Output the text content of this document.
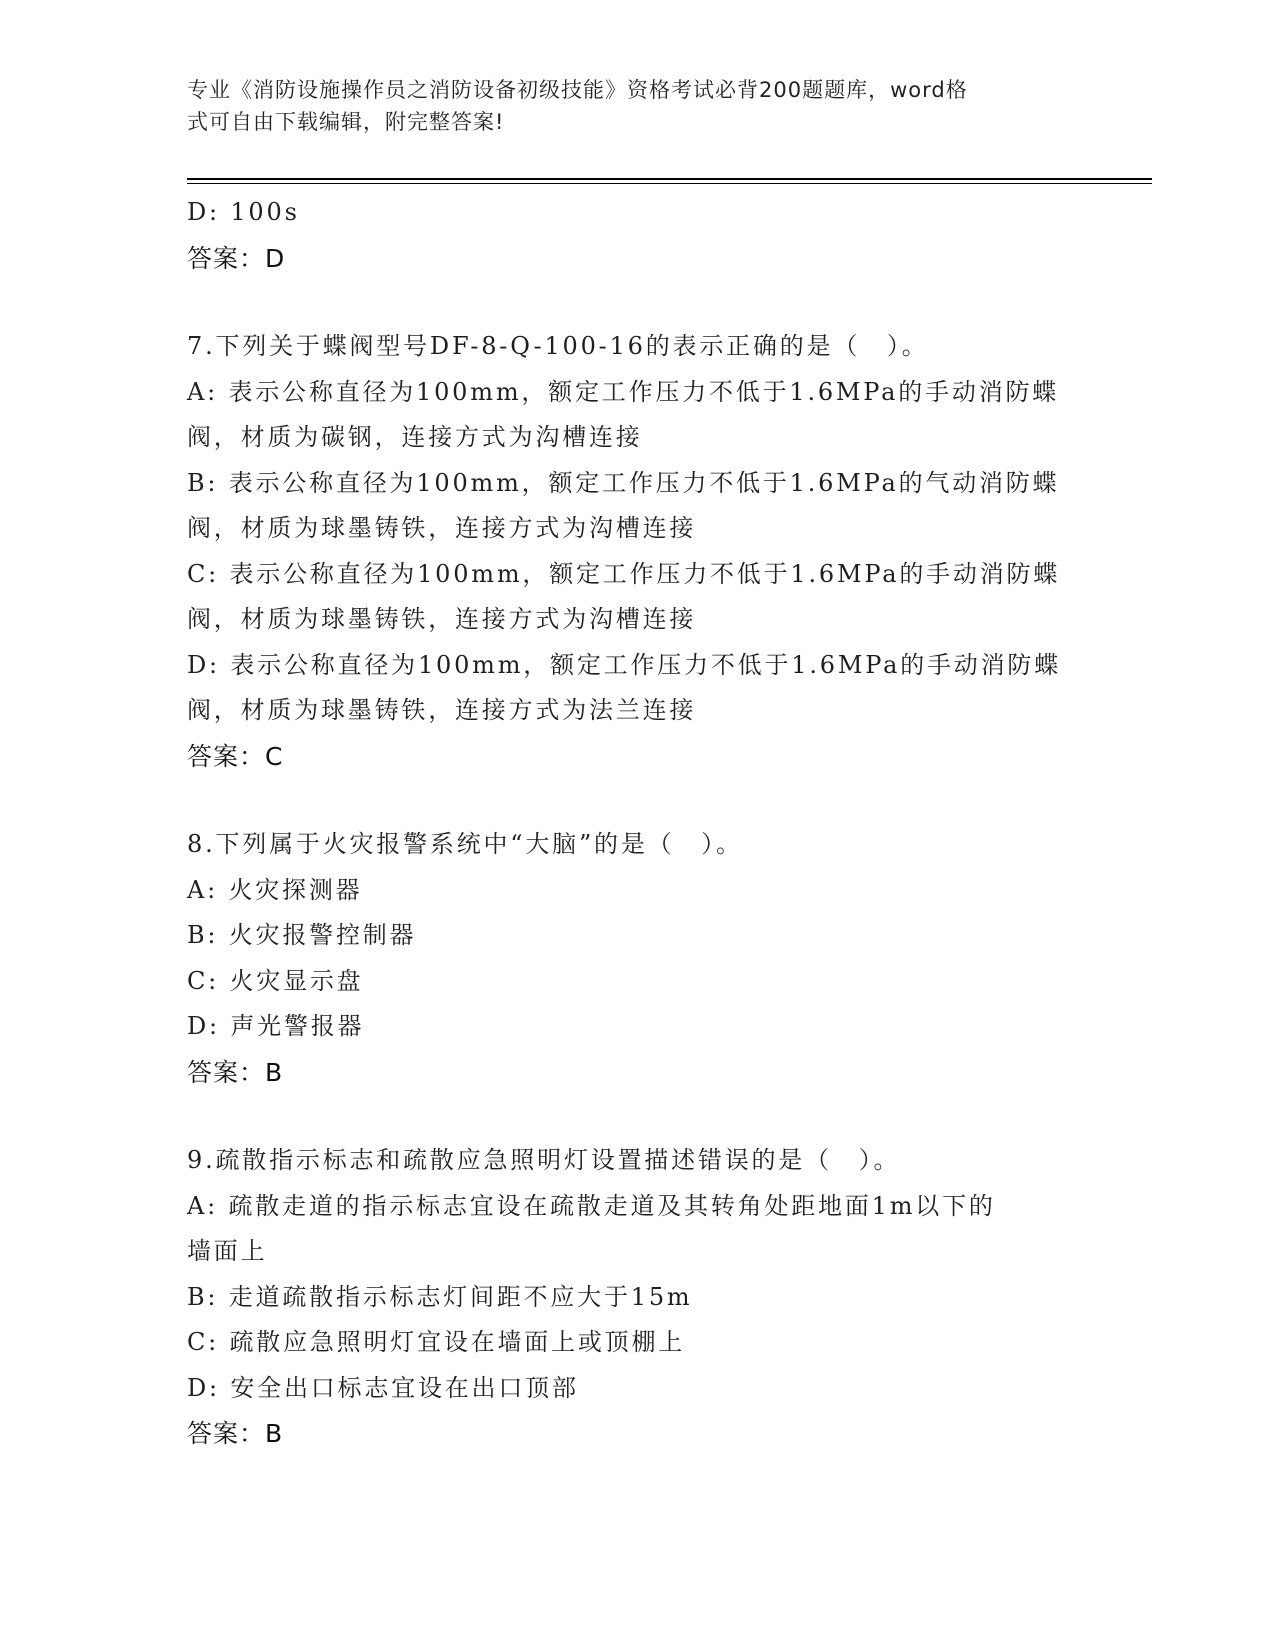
专业《消防设施操作员之消防设备初级技能》资格考试必背200题题库，word格
式可自由下载编辑，附完整答案!
D: 100s
答案：D
7.下列关于蝶阀型号DF-8-Q-100-16的表示正确的是（　）。
A: 表示公称直径为100mm，额定工作压力不低于1.6MPa的手动消防蝶
阀，材质为碳钢，连接方式为沟槽连接
B: 表示公称直径为100mm，额定工作压力不低于1.6MPa的气动消防蝶
阀，材质为球墨铸铁，连接方式为沟槽连接
C: 表示公称直径为100mm，额定工作压力不低于1.6MPa的手动消防蝶
阀，材质为球墨铸铁，连接方式为沟槽连接
D: 表示公称直径为100mm，额定工作压力不低于1.6MPa的手动消防蝶
阀，材质为球墨铸铁，连接方式为法兰连接
答案：C
8.下列属于火灾报警系统中“大脑”的是（　）。
A: 火灾探测器
B: 火灾报警控制器
C: 火灾显示盘
D: 声光警报器
答案：B
9.疏散指示标志和疏散应急照明灯设置描述错误的是（　）。
A: 疏散走道的指示标志宜设在疏散走道及其转角处距地面1m以下的
墙面上
B: 走道疏散指示标志灯间距不应大于15m
C: 疏散应急照明灯宜设在墙面上或顶棚上
D: 安全出口标志宜设在出口顶部
答案：B
